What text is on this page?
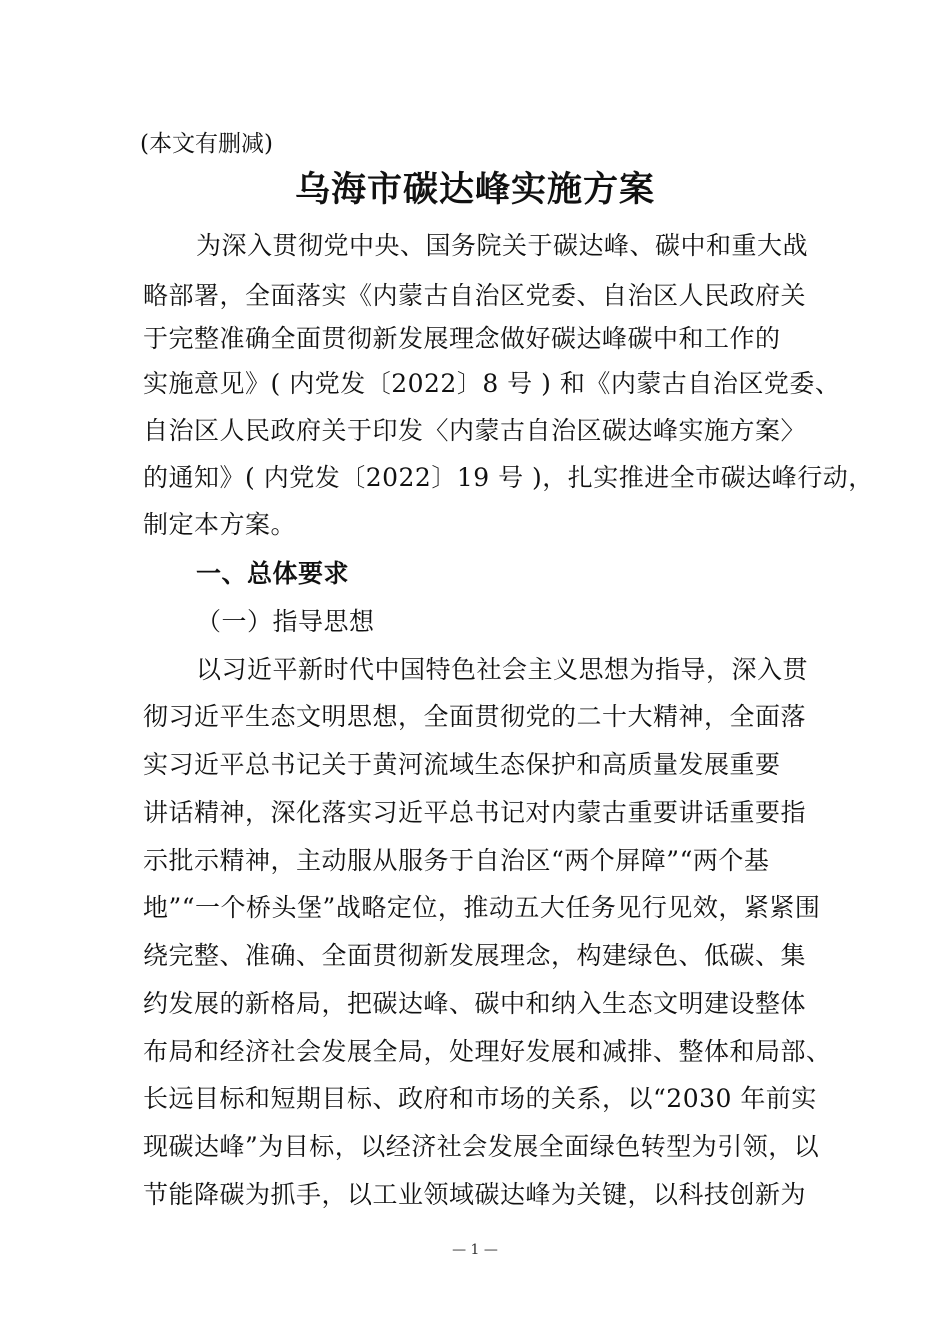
(本文有删减)
乌海市碳达峰实施方案
为深入贯彻党中央、国务院关于碳达峰、碳中和重大战
略部署，全面落实《内蒙古自治区党委、自治区人民政府关
于完整准确全面贯彻新发展理念做好碳达峰碳中和工作的
实施意见》( 内党发〔2022〕8 号 ) 和《内蒙古自治区党委、
自治区人民政府关于印发〈内蒙古自治区碳达峰实施方案〉
的通知》( 内党发〔2022〕19 号 )，扎实推进全市碳达峰行动，
制定本方案。
一、总体要求
（一）指导思想
以习近平新时代中国特色社会主义思想为指导，深入贯
彻习近平生态文明思想，全面贯彻党的二十大精神，全面落
实习近平总书记关于黄河流域生态保护和高质量发展重要
讲话精神，深化落实习近平总书记对内蒙古重要讲话重要指
示批示精神，主动服从服务于自治区“两个屏障”“两个基
地”“一个桥头堡”战略定位，推动五大任务见行见效，紧紧围
绕完整、准确、全面贯彻新发展理念，构建绿色、低碳、集
约发展的新格局，把碳达峰、碳中和纳入生态文明建设整体
布局和经济社会发展全局，处理好发展和减排、整体和局部、
长远目标和短期目标、政府和市场的关系，以“2030 年前实
现碳达峰”为目标，以经济社会发展全面绿色转型为引领，以
节能降碳为抓手，以工业领域碳达峰为关键，以科技创新为
— 1 —
